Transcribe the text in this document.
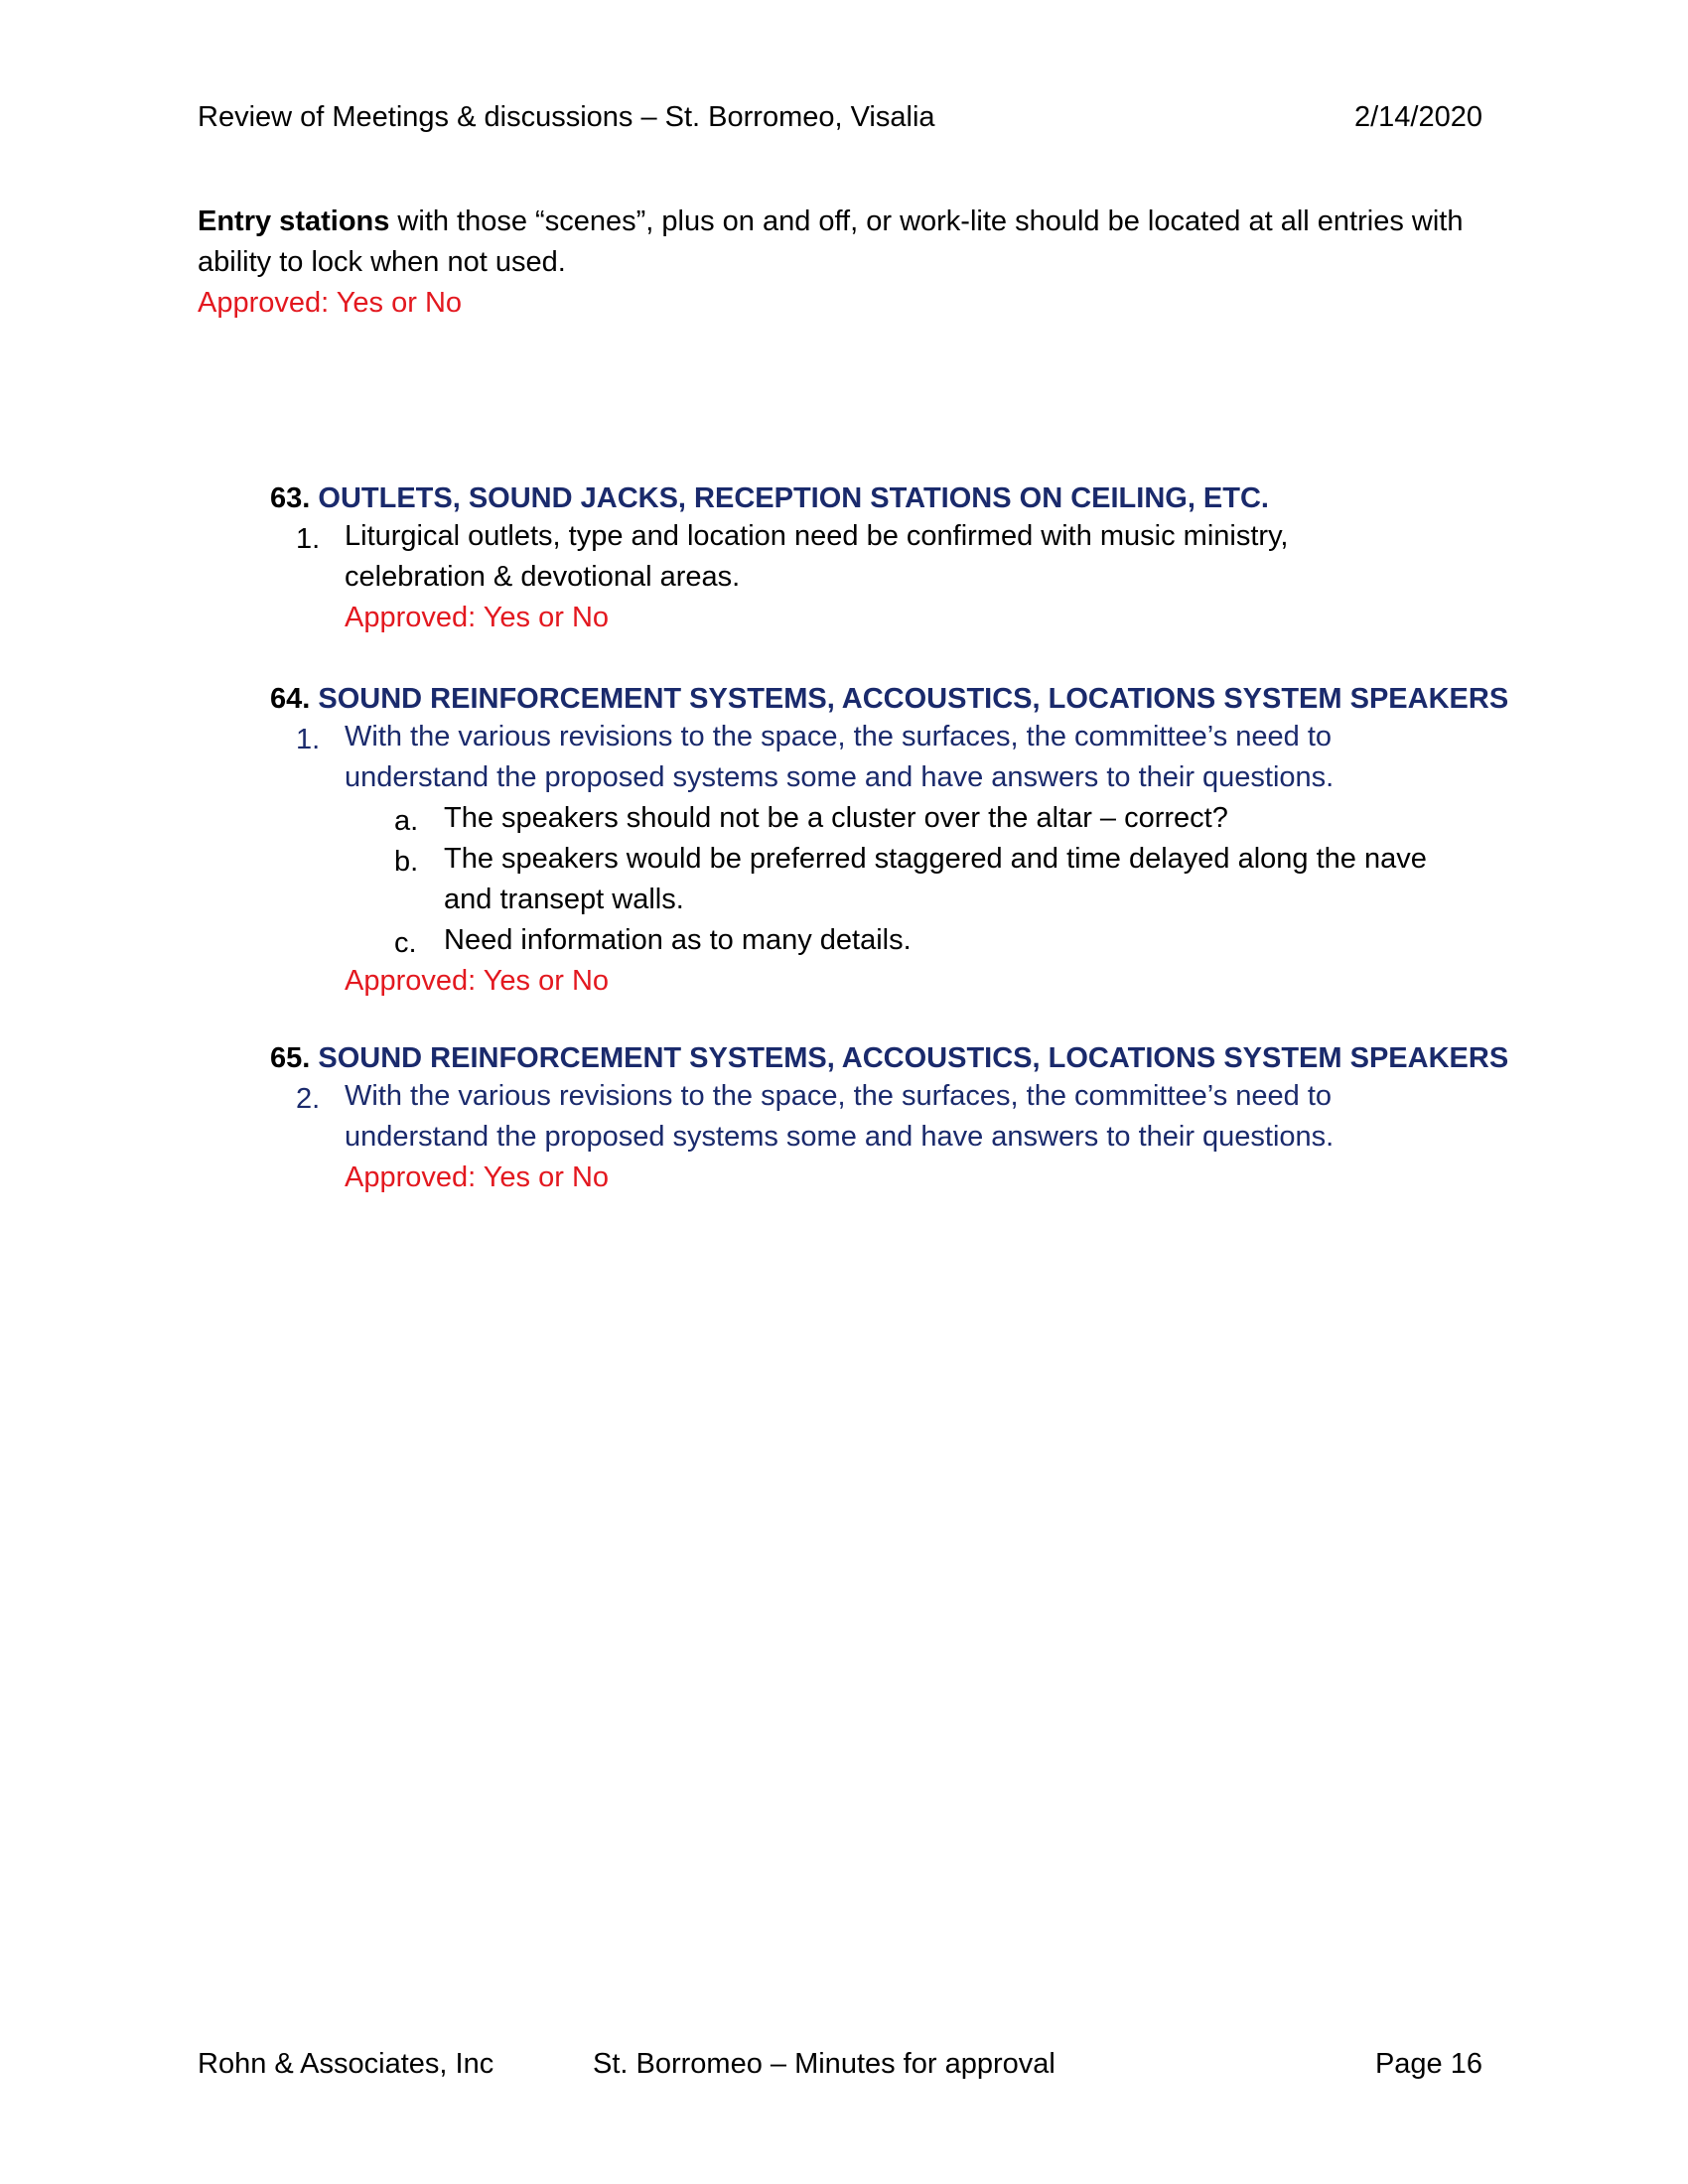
Review of Meetings & discussions – St. Borromeo, Visalia	2/14/2020
Entry stations with those “scenes”, plus on and off, or work-lite should be located at all entries with ability to lock when not used.
Approved: Yes or No
63. OUTLETS, SOUND JACKS, RECEPTION STATIONS ON CEILING, ETC.
1. Liturgical outlets, type and location need be confirmed with music ministry,
celebration & devotional areas.
Approved: Yes or No
64. SOUND REINFORCEMENT SYSTEMS, ACCOUSTICS, LOCATIONS SYSTEM SPEAKERS
1. With the various revisions to the space, the surfaces, the committee’s need to
understand the proposed systems some and have answers to their questions.
a. The speakers should not be a cluster over the altar – correct?
b. The speakers would be preferred staggered and time delayed along the nave
and transept walls.
c. Need information as to many details.
Approved: Yes or No
65. SOUND REINFORCEMENT SYSTEMS, ACCOUSTICS, LOCATIONS SYSTEM SPEAKERS
2. With the various revisions to the space, the surfaces, the committee’s need to
understand the proposed systems some and have answers to their questions.
Approved: Yes or No
Rohn & Associates, Inc	St. Borromeo – Minutes for approval	Page 16
